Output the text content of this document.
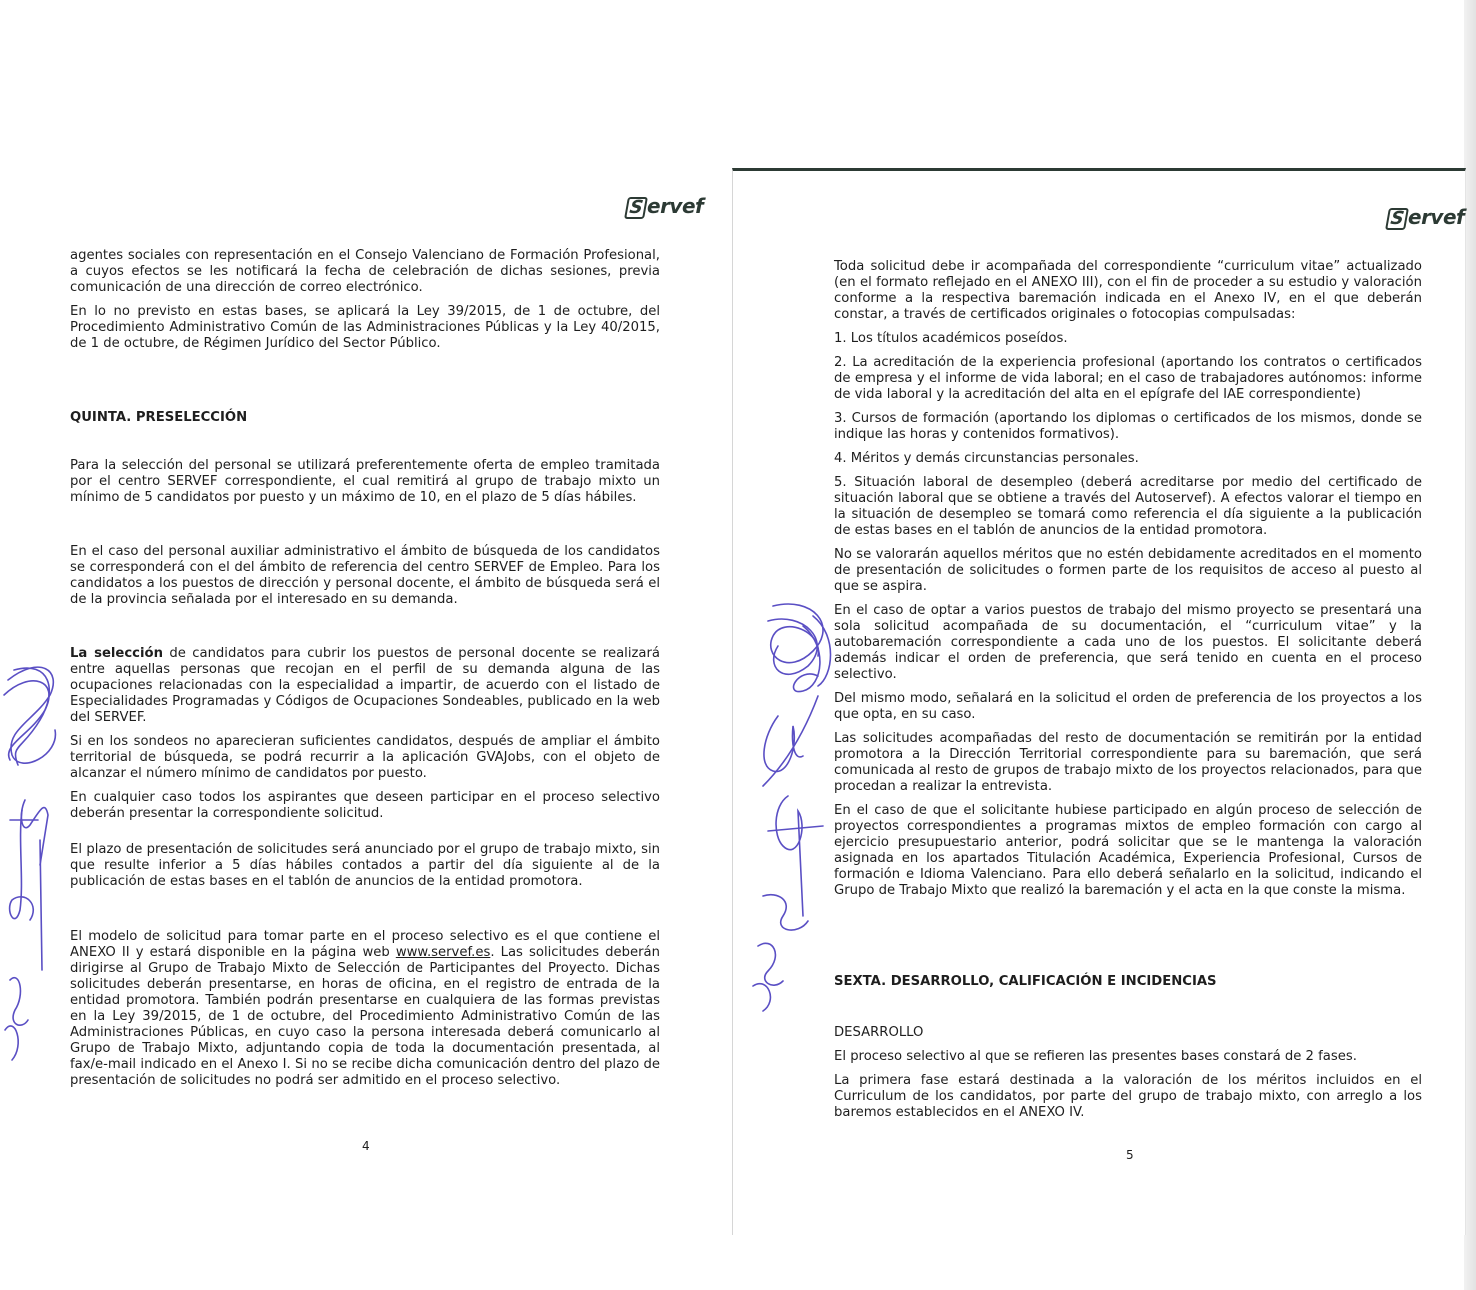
S ervef

agentes sociales con representación en el Consejo Valenciano de Formación Profesional, a cuyos efectos se les notificará la fecha de celebración de dichas sesiones, previa comunicación de una dirección de correo electrónico.

En lo no previsto en estas bases, se aplicará la Ley 39/2015, de 1 de octubre, del Procedimiento Administrativo Común de las Administraciones Públicas y la Ley 40/2015, de 1 de octubre, de Régimen Jurídico del Sector Público.

QUINTA. PRESELECCIÓN

Para la selección del personal se utilizará preferentemente oferta de empleo tramitada por el centro SERVEF correspondiente, el cual remitirá al grupo de trabajo mixto un mínimo de 5 candidatos por puesto y un máximo de 10, en el plazo de 5 días hábiles.

En el caso del personal auxiliar administrativo el ámbito de búsqueda de los candidatos se corresponderá con el del ámbito de referencia del centro SERVEF de Empleo. Para los candidatos a los puestos de dirección y personal docente, el ámbito de búsqueda será el de la provincia señalada por el interesado en su demanda.

La selección de candidatos para cubrir los puestos de personal docente se realizará entre aquellas personas que recojan en el perfil de su demanda alguna de las ocupaciones relacionadas con la especialidad a impartir, de acuerdo con el listado de Especialidades Programadas y Códigos de Ocupaciones Sondeables, publicado en la web del SERVEF.

Si en los sondeos no aparecieran suficientes candidatos, después de ampliar el ámbito territorial de búsqueda, se podrá recurrir a la aplicación GVAJobs, con el objeto de alcanzar el número mínimo de candidatos por puesto.

En cualquier caso todos los aspirantes que deseen participar en el proceso selectivo deberán presentar la correspondiente solicitud.

El plazo de presentación de solicitudes será anunciado por el grupo de trabajo mixto, sin que resulte inferior a 5 días hábiles contados a partir del día siguiente al de la publicación de estas bases en el tablón de anuncios de la entidad promotora.

El modelo de solicitud para tomar parte en el proceso selectivo es el que contiene el ANEXO II y estará disponible en la página web www.servef.es. Las solicitudes deberán dirigirse al Grupo de Trabajo Mixto de Selección de Participantes del Proyecto. Dichas solicitudes deberán presentarse, en horas de oficina, en el registro de entrada de la entidad promotora. También podrán presentarse en cualquiera de las formas previstas en la Ley 39/2015, de 1 de octubre, del Procedimiento Administrativo Común de las Administraciones Públicas, en cuyo caso la persona interesada deberá comunicarlo al Grupo de Trabajo Mixto, adjuntando copia de toda la documentación presentada, al fax/e-mail indicado en el Anexo I. Si no se recibe dicha comunicación dentro del plazo de presentación de solicitudes no podrá ser admitido en el proceso selectivo.

4
S ervef

Toda solicitud debe ir acompañada del correspondiente “curriculum vitae” actualizado (en el formato reflejado en el ANEXO III), con el fin de proceder a su estudio y valoración conforme a la respectiva baremación indicada en el Anexo IV, en el que deberán constar, a través de certificados originales o fotocopias compulsadas:

1. Los títulos académicos poseídos.

2. La acreditación de la experiencia profesional (aportando los contratos o certificados de empresa y el informe de vida laboral; en el caso de trabajadores autónomos: informe de vida laboral y la acreditación del alta en el epígrafe del IAE correspondiente)

3. Cursos de formación (aportando los diplomas o certificados de los mismos, donde se indique las horas y contenidos formativos).

4. Méritos y demás circunstancias personales.

5. Situación laboral de desempleo (deberá acreditarse por medio del certificado de situación laboral que se obtiene a través del Autoservef). A efectos valorar el tiempo en la situación de desempleo se tomará como referencia el día siguiente a la publicación de estas bases en el tablón de anuncios de la entidad promotora.

No se valorarán aquellos méritos que no estén debidamente acreditados en el momento de presentación de solicitudes o formen parte de los requisitos de acceso al puesto al que se aspira.

En el caso de optar a varios puestos de trabajo del mismo proyecto se presentará una sola solicitud acompañada de su documentación, el “curriculum vitae” y la autobaremación correspondiente a cada uno de los puestos. El solicitante deberá además indicar el orden de preferencia, que será tenido en cuenta en el proceso selectivo.

Del mismo modo, señalará en la solicitud el orden de preferencia de los proyectos a los que opta, en su caso.

Las solicitudes acompañadas del resto de documentación se remitirán por la entidad promotora a la Dirección Territorial correspondiente para su baremación, que será comunicada al resto de grupos de trabajo mixto de los proyectos relacionados, para que procedan a realizar la entrevista.

En el caso de que el solicitante hubiese participado en algún proceso de selección de proyectos correspondientes a programas mixtos de empleo formación con cargo al ejercicio presupuestario anterior, podrá solicitar que se le mantenga la valoración asignada en los apartados Titulación Académica, Experiencia Profesional, Cursos de formación e Idioma Valenciano. Para ello deberá señalarlo en la solicitud, indicando el Grupo de Trabajo Mixto que realizó la baremación y el acta en la que conste la misma.

SEXTA. DESARROLLO, CALIFICACIÓN E INCIDENCIAS

DESARROLLO

El proceso selectivo al que se refieren las presentes bases constará de 2 fases.

La primera fase estará destinada a la valoración de los méritos incluidos en el Curriculum de los candidatos, por parte del grupo de trabajo mixto, con arreglo a los baremos establecidos en el ANEXO IV.

5
